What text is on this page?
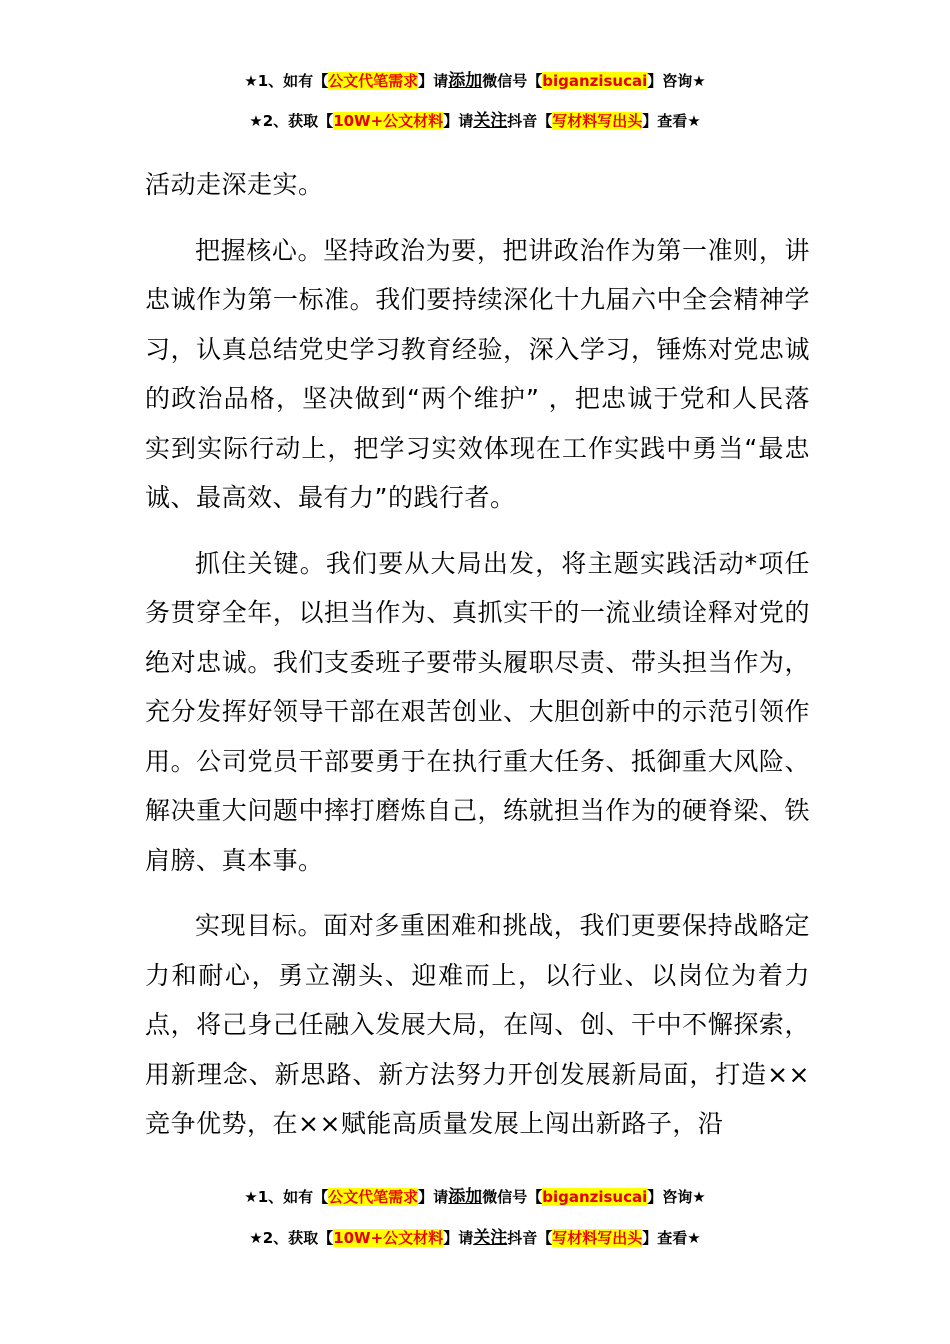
★1、如有【公文代笔需求】请添加微信号【biganzisucai】咨询★
★2、获取【10W+公文材料】请关注抖音【写材料写出头】查看★

活动走深走实。

把握核心。坚持政治为要，把讲政治作为第一准则，讲忠诚作为第一标准。我们要持续深化十九届六中全会精神学习，认真总结党史学习教育经验，深入学习，锤炼对党忠诚的政治品格，坚决做到“两个维护” ，把忠诚于党和人民落实到实际行动上，把学习实效体现在工作实践中勇当“最忠诚、最高效、最有力”的践行者。

抓住关键。我们要从大局出发，将主题实践活动*项任务贯穿全年，以担当作为、真抓实干的一流业绩诠释对党的绝对忠诚。我们支委班子要带头履职尽责、带头担当作为，充分发挥好领导干部在艰苦创业、大胆创新中的示范引领作用。公司党员干部要勇于在执行重大任务、抵御重大风险、解决重大问题中摔打磨炼自己，练就担当作为的硬脊梁、铁肩膀、真本事。

实现目标。面对多重困难和挑战，我们更要保持战略定力和耐心，勇立潮头、迎难而上，以行业、以岗位为着力点，将己身己任融入发展大局，在闯、创、干中不懈探索，用新理念、新思路、新方法努力开创发展新局面，打造××竞争优势，在××赋能高质量发展上闯出新路子，沿

★1、如有【公文代笔需求】请添加微信号【biganzisucai】咨询★
★2、获取【10W+公文材料】请关注抖音【写材料写出头】查看★
